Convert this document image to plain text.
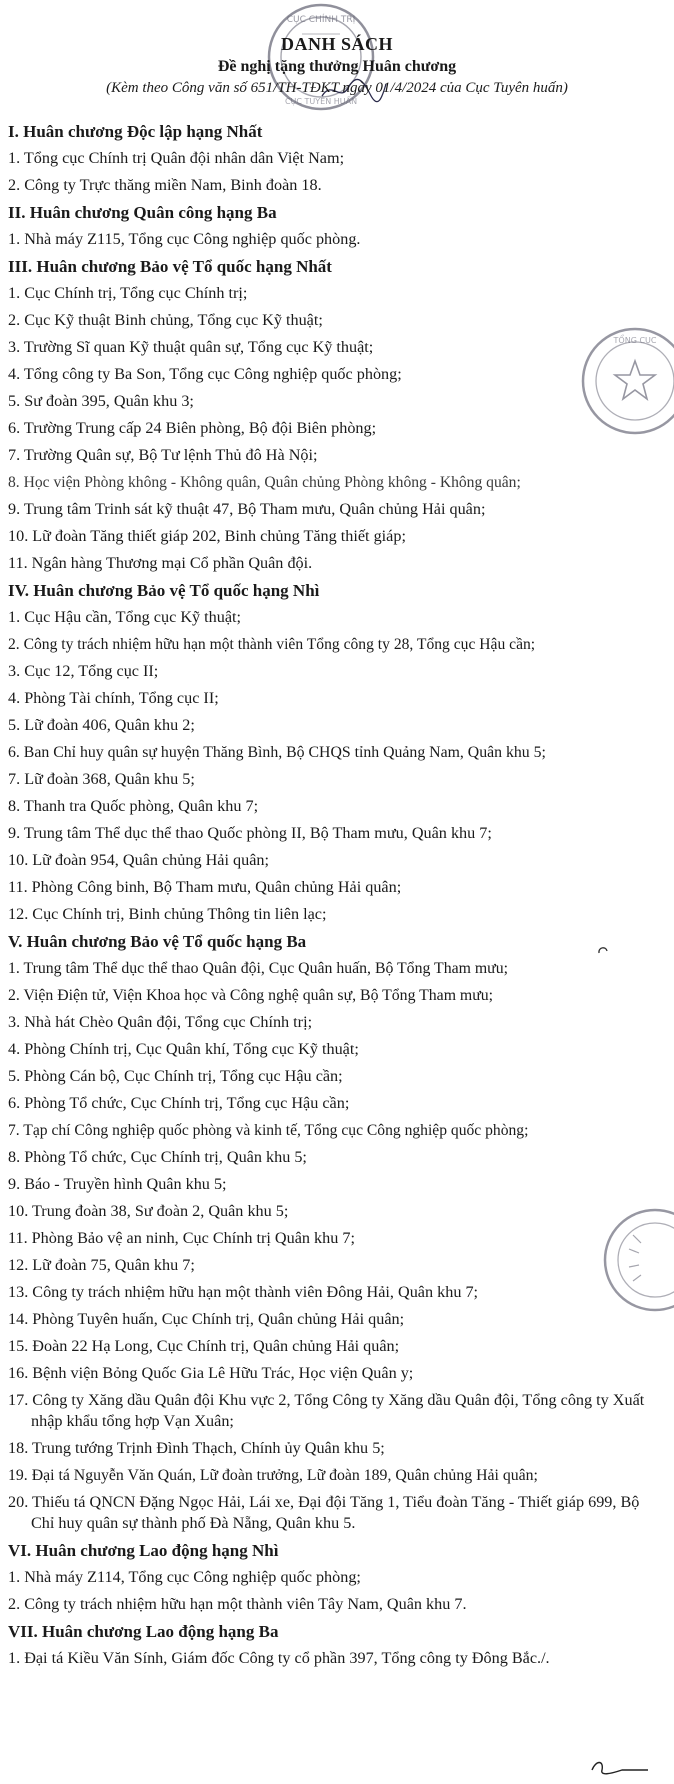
CỤC CHÍNH TRỊ
CỤC TUYÊN HUẤN
TỔNG CỤC
DANH SÁCH
Đề nghị tặng thưởng Huân chương
(Kèm theo Công văn số 651/TH-TĐKT ngày 01/4/2024 của Cục Tuyên huấn)
I. Huân chương Độc lập hạng Nhất
1. Tổng cục Chính trị Quân đội nhân dân Việt Nam;
2. Công ty Trực thăng miền Nam, Binh đoàn 18.
II. Huân chương Quân công hạng Ba
1. Nhà máy Z115, Tổng cục Công nghiệp quốc phòng.
III. Huân chương Bảo vệ Tổ quốc hạng Nhất
1. Cục Chính trị, Tổng cục Chính trị;
2. Cục Kỹ thuật Binh chủng, Tổng cục Kỹ thuật;
3. Trường Sĩ quan Kỹ thuật quân sự, Tổng cục Kỹ thuật;
4. Tổng công ty Ba Son, Tổng cục Công nghiệp quốc phòng;
5. Sư đoàn 395, Quân khu 3;
6. Trường Trung cấp 24 Biên phòng, Bộ đội Biên phòng;
7. Trường Quân sự, Bộ Tư lệnh Thủ đô Hà Nội;
8. Học viện Phòng không - Không quân, Quân chủng Phòng không - Không quân;
9. Trung tâm Trinh sát kỹ thuật 47, Bộ Tham mưu, Quân chủng Hải quân;
10. Lữ đoàn Tăng thiết giáp 202, Binh chủng Tăng thiết giáp;
11. Ngân hàng Thương mại Cổ phần Quân đội.
IV. Huân chương Bảo vệ Tổ quốc hạng Nhì
1. Cục Hậu cần, Tổng cục Kỹ thuật;
2. Công ty trách nhiệm hữu hạn một thành viên Tổng công ty 28, Tổng cục Hậu cần;
3. Cục 12, Tổng cục II;
4. Phòng Tài chính, Tổng cục II;
5. Lữ đoàn 406, Quân khu 2;
6. Ban Chỉ huy quân sự huyện Thăng Bình, Bộ CHQS tỉnh Quảng Nam, Quân khu 5;
7. Lữ đoàn 368, Quân khu 5;
8. Thanh tra Quốc phòng, Quân khu 7;
9. Trung tâm Thể dục thể thao Quốc phòng II, Bộ Tham mưu, Quân khu 7;
10. Lữ đoàn 954, Quân chủng Hải quân;
11. Phòng Công binh, Bộ Tham mưu, Quân chủng Hải quân;
12. Cục Chính trị, Binh chủng Thông tin liên lạc;
V. Huân chương Bảo vệ Tổ quốc hạng Ba
1. Trung tâm Thể dục thể thao Quân đội, Cục Quân huấn, Bộ Tổng Tham mưu;
2. Viện Điện tử, Viện Khoa học và Công nghệ quân sự, Bộ Tổng Tham mưu;
3. Nhà hát Chèo Quân đội, Tổng cục Chính trị;
4. Phòng Chính trị, Cục Quân khí, Tổng cục Kỹ thuật;
5. Phòng Cán bộ, Cục Chính trị, Tổng cục Hậu cần;
6. Phòng Tổ chức, Cục Chính trị, Tổng cục Hậu cần;
7. Tạp chí Công nghiệp quốc phòng và kinh tế, Tổng cục Công nghiệp quốc phòng;
8. Phòng Tổ chức, Cục Chính trị, Quân khu 5;
9. Báo - Truyền hình Quân khu 5;
10. Trung đoàn 38, Sư đoàn 2, Quân khu 5;
11. Phòng Bảo vệ an ninh, Cục Chính trị Quân khu 7;
12. Lữ đoàn 75, Quân khu 7;
13. Công ty trách nhiệm hữu hạn một thành viên Đông Hải, Quân khu 7;
14. Phòng Tuyên huấn, Cục Chính trị, Quân chủng Hải quân;
15. Đoàn 22 Hạ Long, Cục Chính trị, Quân chủng Hải quân;
16. Bệnh viện Bỏng Quốc Gia Lê Hữu Trác, Học viện Quân y;
17. Công ty Xăng dầu Quân đội Khu vực 2, Tổng Công ty Xăng dầu Quân đội, Tổng công ty Xuất nhập khẩu tổng hợp Vạn Xuân;
18. Trung tướng Trịnh Đình Thạch, Chính ủy Quân khu 5;
19. Đại tá Nguyễn Văn Quán, Lữ đoàn trưởng, Lữ đoàn 189, Quân chủng Hải quân;
20. Thiếu tá QNCN Đặng Ngọc Hải, Lái xe, Đại đội Tăng 1, Tiểu đoàn Tăng - Thiết giáp 699, Bộ Chỉ huy quân sự thành phố Đà Nẵng, Quân khu 5.
VI. Huân chương Lao động hạng Nhì
1. Nhà máy Z114, Tổng cục Công nghiệp quốc phòng;
2. Công ty trách nhiệm hữu hạn một thành viên Tây Nam, Quân khu 7.
VII. Huân chương Lao động hạng Ba
1. Đại tá Kiều Văn Sính, Giám đốc Công ty cổ phần 397, Tổng công ty Đông Bắc./.
